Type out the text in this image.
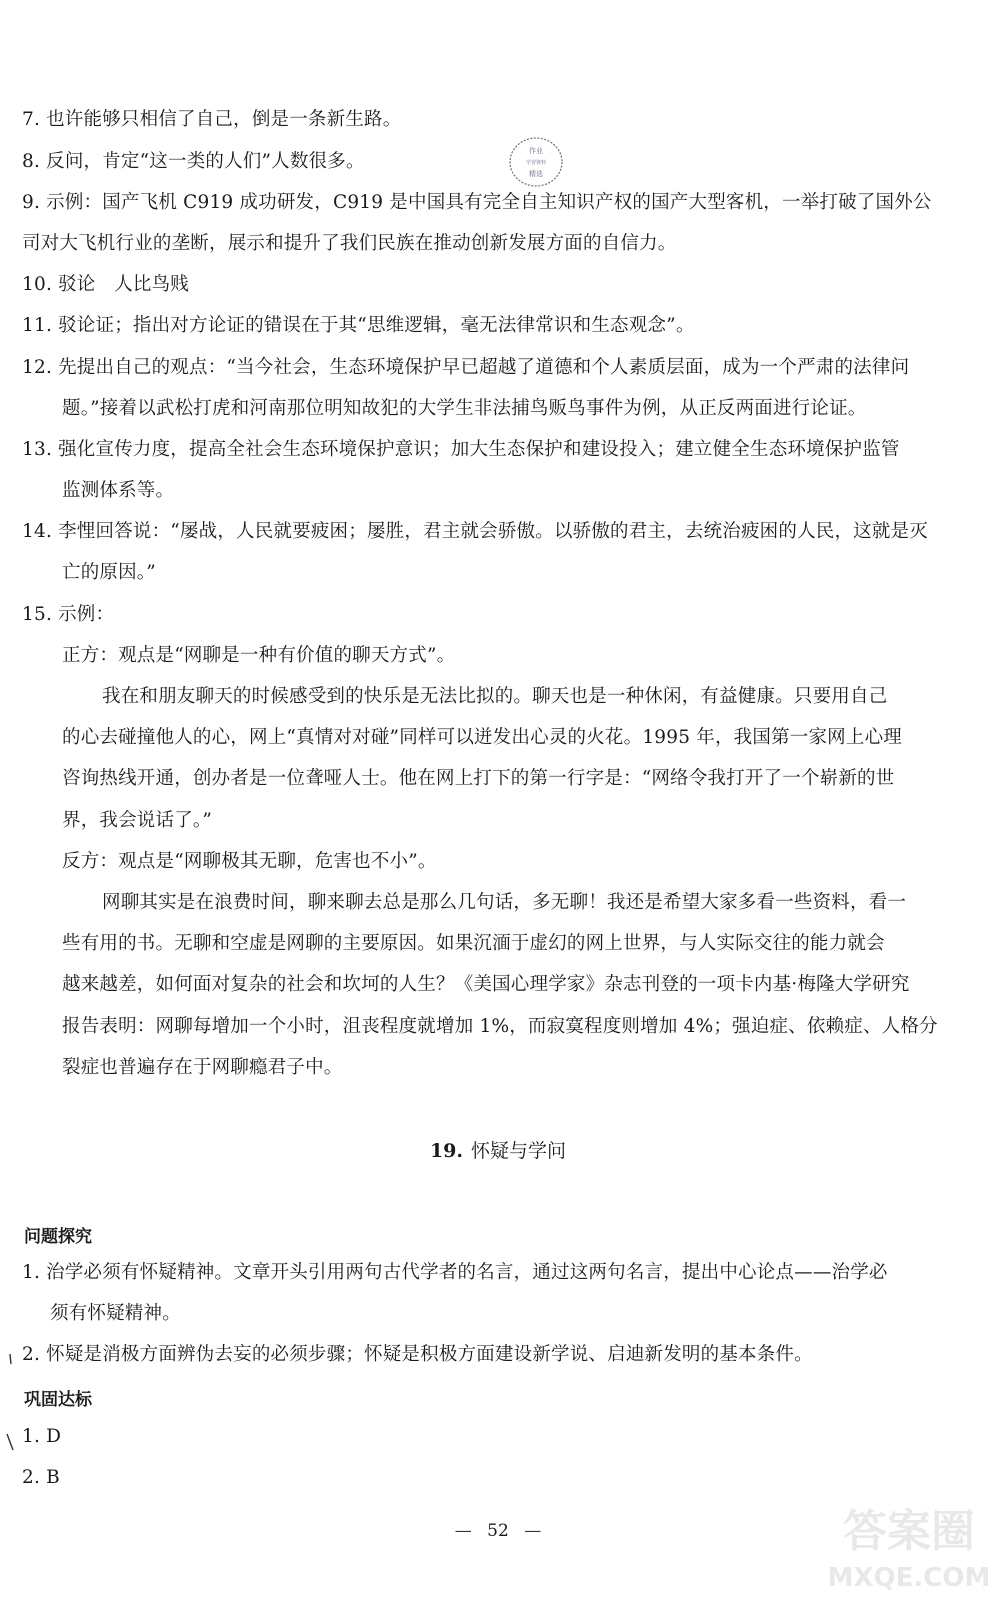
7. 也许能够只相信了自己，倒是一条新生路。
8. 反问，肯定“这一类的人们”人数很多。
9. 示例：国产飞机 C919 成功研发，C919 是中国具有完全自主知识产权的国产大型客机，一举打破了国外公
司对大飞机行业的垄断，展示和提升了我们民族在推动创新发展方面的自信力。
10. 驳论　人比鸟贱
11. 驳论证；指出对方论证的错误在于其“思维逻辑，毫无法律常识和生态观念”。
12. 先提出自己的观点：“当今社会，生态环境保护早已超越了道德和个人素质层面，成为一个严肃的法律问
题。”接着以武松打虎和河南那位明知故犯的大学生非法捕鸟贩鸟事件为例，从正反两面进行论证。
13. 强化宣传力度，提高全社会生态环境保护意识；加大生态保护和建设投入；建立健全生态环境保护监管
监测体系等。
14. 李悝回答说：“屡战，人民就要疲困；屡胜，君主就会骄傲。以骄傲的君主，去统治疲困的人民，这就是灭
亡的原因。”
15. 示例：
正方：观点是“网聊是一种有价值的聊天方式”。
我在和朋友聊天的时候感受到的快乐是无法比拟的。聊天也是一种休闲，有益健康。只要用自己
的心去碰撞他人的心，网上“真情对对碰”同样可以迸发出心灵的火花。1995 年，我国第一家网上心理
咨询热线开通，创办者是一位聋哑人士。他在网上打下的第一行字是：“网络令我打开了一个崭新的世
界，我会说话了。”
反方：观点是“网聊极其无聊，危害也不小”。
网聊其实是在浪费时间，聊来聊去总是那么几句话，多无聊！我还是希望大家多看一些资料，看一
些有用的书。无聊和空虚是网聊的主要原因。如果沉湎于虚幻的网上世界，与人实际交往的能力就会
越来越差，如何面对复杂的社会和坎坷的人生？《美国心理学家》杂志刊登的一项卡内基·梅隆大学研究
报告表明：网聊每增加一个小时，沮丧程度就增加 1%，而寂寞程度则增加 4%；强迫症、依赖症、人格分
裂症也普遍存在于网聊瘾君子中。
19. 怀疑与学问
问题探究
1. 治学必须有怀疑精神。文章开头引用两句古代学者的名言，通过这两句名言，提出中心论点——治学必
须有怀疑精神。
2. 怀疑是消极方面辨伪去妄的必须步骤；怀疑是积极方面建设新学说、启迪新发明的基本条件。
巩固达标
1. D
2. B
— 52 —
作业
学習資料
精选
答案圈
MXQE.COM
